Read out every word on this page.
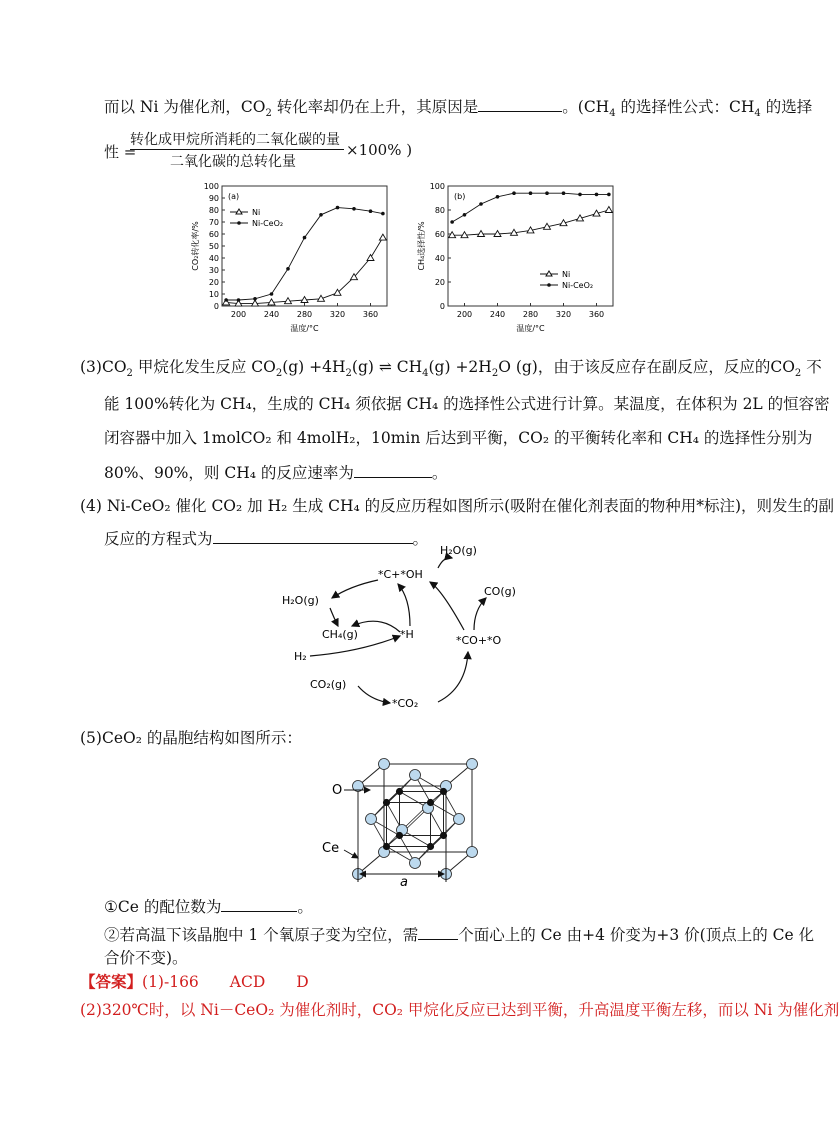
而以 Ni 为催化剂，$CO_2$ 转化率却仍在上升，其原因是	。($CH_4$ 的选择性公式：$CH_4$ 的选择
性 =
转化成甲烷所消耗的二氧化碳的量
二氧化碳的总转化量
×100% )
0
10
20
30
40
50
60
70
80
90
100
200 240 280 320 360
温度/°C
CO₂转化率/%
(a)
Ni
Ni-CeO₂
0
20
40
60
80
100
200 240 280 320 360
温度/°C
CH₄选择性/%
(b)
Ni
Ni-CeO₂
$(3)CO_2$ 甲烷化发生反应 $CO_2(g) +4H_2(g)$ ⇌ $CH_4(g) +2H_2O$ (g)，由于该反应存在副反应，反应的$CO_2$ 不
能 100%转化为 CH₄，生成的 CH₄ 须依据 CH₄ 的选择性公式进行计算。某温度，在体积为 2L 的恒容密
闭容器中加入 1molCO₂ 和 4molH₂，10min 后达到平衡，CO₂ 的平衡转化率和 CH₄ 的选择性分别为
80%、90%，则 CH₄ 的反应速率为	。
(4) Ni-CeO₂ 催化 CO₂ 加 H₂ 生成 CH₄ 的反应历程如图所示(吸附在催化剂表面的物种用*标注)，则发生的副
反应的方程式为	。
H₂O(g)
*C+*OH
CO(g)
H₂O(g)
CH₄(g)	*H	*CO+*O
H₂
CO₂(g)
*CO₂
(5)CeO₂ 的晶胞结构如图所示：
O
Ce
a
①Ce 的配位数为	。
②若高温下该晶胞中 1 个氧原子变为空位，需	个面心上的 Ce 由+4 价变为+3 价(顶点上的 Ce 化
合价不变)。
【答案】(1)-166　　ACD　　D
(2)320℃时，以 Ni－CeO₂ 为催化剂时，CO₂ 甲烷化反应已达到平衡，升高温度平衡左移，而以 Ni 为催化剂
